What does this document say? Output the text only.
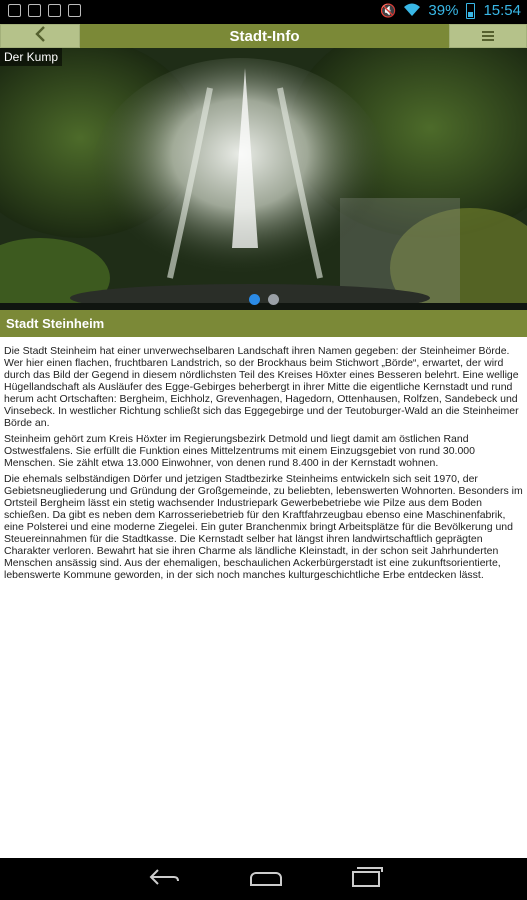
🔇 39% 15:54
Stadt-Info
Der Kump
Stadt Steinheim

Die Stadt Steinheim hat einer unverwechselbaren Landschaft ihren Namen gegeben: der Steinheimer Börde. Wer hier einen flachen, fruchtbaren Landstrich, so der Brockhaus beim Stichwort „Börde“, erwartet, der wird durch das Bild der Gegend in diesem nördlichsten Teil des Kreises Höxter eines Besseren belehrt. Eine wellige Hügellandschaft als Ausläufer des Egge-Gebirges beherbergt in ihrer Mitte die eigentliche Kernstadt und rund herum acht Ortschaften: Bergheim, Eichholz, Grevenhagen, Hagedorn, Ottenhausen, Rolfzen, Sandebeck und Vinsebeck. In westlicher Richtung schließt sich das Eggegebirge und der Teutoburger-Wald an die Steinheimer Börde an.

Steinheim gehört zum Kreis Höxter im Regierungsbezirk Detmold und liegt damit am östlichen Rand Ostwestfalens. Sie erfüllt die Funktion eines Mittelzentrums mit einem Einzugsgebiet von rund 30.000 Menschen. Sie zählt etwa 13.000 Einwohner, von denen rund 8.400 in der Kernstadt wohnen.

Die ehemals selbständigen Dörfer und jetzigen Stadtbezirke Steinheims entwickeln sich seit 1970, der Gebietsneugliederung und Gründung der Großgemeinde, zu beliebten, lebenswerten Wohnorten. Besonders im Ortsteil Bergheim lässt ein stetig wachsender Industriepark Gewerbebetriebe wie Pilze aus dem Boden schießen. Da gibt es neben dem Karrosseriebetrieb für den Kraftfahrzeugbau ebenso eine Maschinenfabrik, eine Polsterei und eine moderne Ziegelei. Ein guter Branchenmix bringt Arbeitsplätze für die Bevölkerung und Steuereinnahmen für die Stadtkasse. Die Kernstadt selber hat längst ihren landwirtschaftlich geprägten Charakter verloren. Bewahrt hat sie ihren Charme als ländliche Kleinstadt, in der schon seit Jahrhunderten Menschen ansässig sind. Aus der ehemaligen, beschaulichen Ackerbürgerstadt ist eine zukunftsorientierte, lebenswerte Kommune geworden, in der sich noch manches kulturgeschichtliche Erbe entdecken lässt.
